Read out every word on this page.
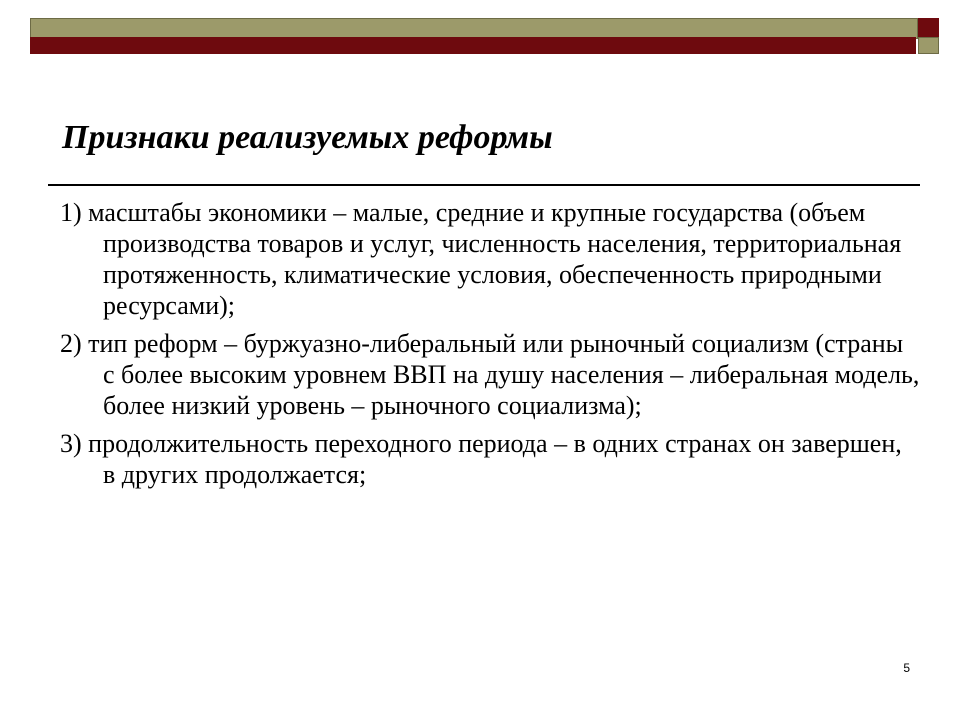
Признаки реализуемых реформы
1) масштабы экономики – малые, средние и крупные государства (объем производства товаров и услуг, численность населения, территориальная протяженность, климатические условия, обеспеченность природными ресурсами);
2) тип реформ – буржуазно-либеральный или рыночный социализм (страны с более высоким уровнем ВВП на душу населения – либеральная модель, более низкий уровень – рыночного социализма);
3) продолжительность переходного периода – в одних странах он завершен, в других продолжается;
5
